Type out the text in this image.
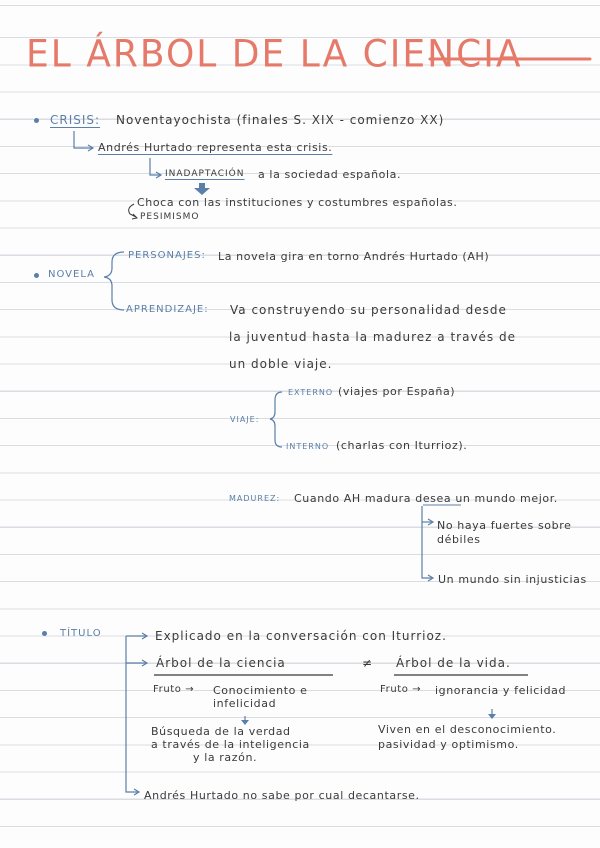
EL ÁRBOL DE LA CIENCIA
CRISIS: Noventayochista (finales S. XIX - comienzo XX)
Andrés Hurtado representa esta crisis.
INADAPTACIÓN a la sociedad española.
Choca con las instituciones y costumbres españolas.
PESIMISMO
NOVELA
PERSONAJES: La novela gira en torno Andrés Hurtado (AH)
APRENDIZAJE: Va construyendo su personalidad desde
la juventud hasta la madurez a través de
un doble viaje.
VIAJE:
EXTERNO (viajes por España)
INTERNO (charlas con Iturrioz).
MADUREZ: Cuando AH madura desea un mundo mejor.
No haya fuertes sobre
débiles
Un mundo sin injusticias
TÍTULO	Explicado en la conversación con Iturrioz.
Árbol de la ciencia	≠ Árbol de la vida.
Fruto → Conocimiento e
infelicidad
Fruto → ignorancia y felicidad
Búsqueda de la verdad
a través de la inteligencia
y la razón.
Viven en el desconocimiento.
pasividad y optimismo.
Andrés Hurtado no sabe por cual decantarse.
